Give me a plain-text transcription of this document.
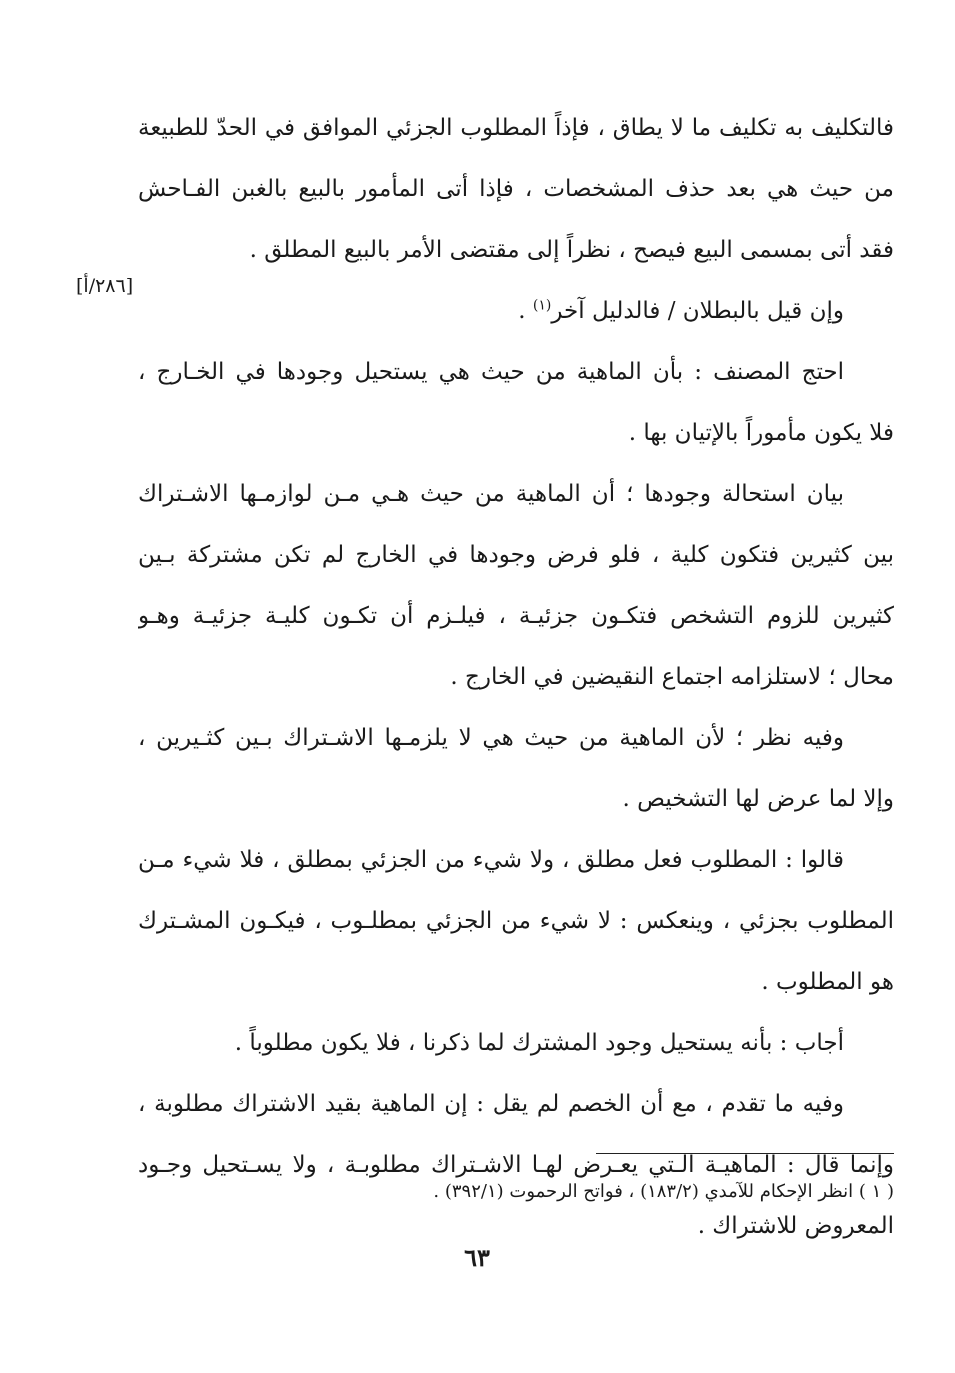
فالتكليف به تكليف ما لا يطاق ، فإذاً المطلوب الجزئي الموافق في الحدّ للطبيعة
من حيث هي بعد حذف المشخصات ، فإذا أتى المأمور بالبيع بالغبن الفـاحش
فقد أتى بمسمى البيع فيصح ، نظراً إلى مقتضى الأمر بالبيع المطلق .
وإن قيل بالبطلان / فالدليل آخر$^{(١)}$ .
احتج المصنف : بأن الماهية من حيث هي يستحيل وجودها في الخـارج ،
فلا يكون مأموراً بالإتيان بها .
بيان استحالة وجودها ؛ أن الماهية من حيث هـي مـن لوازمـها الاشـتراك
بين كثيرين فتكون كلية ، فلو فرض وجودها في الخارج لم تكن مشتركة بـين
كثيرين للزوم التشخص فتكـون جزئيـة ، فيلـزم أن تكـون كليـة جزئيـة وهـو
محال ؛ لاستلزامه اجتماع النقيضين في الخارج .
وفيه نظر ؛ لأن الماهية من حيث هي لا يلزمـها الاشـتراك بـين كثـيرين ،
وإلا لما عرض لها التشخيص .
قالوا : المطلوب فعل مطلق ، ولا شيء من الجزئي بمطلق ، فلا شيء مـن
المطلوب بجزئي ، وينعكس : لا شيء من الجزئي بمطلـوب ، فيكـون المشـترك
هو المطلوب .
أجاب : بأنه يستحيل وجود المشترك لما ذكرنا ، فلا يكون مطلوباً .
وفيه ما تقدم ، مع أن الخصم لم يقل : إن الماهية بقيد الاشتراك مطلوبة ،
وإنما قال : الماهيـة الـتي يعـرض لهـا الاشـتراك مطلوبـة ، ولا يسـتحيل وجـود
المعروض للاشتراك .
[٢٨٦/أ]
( ١ ) انظر الإحكام للآمدي (١٨٣/٢) ، فواتح الرحموت (٣٩٢/١) .
٦٣
